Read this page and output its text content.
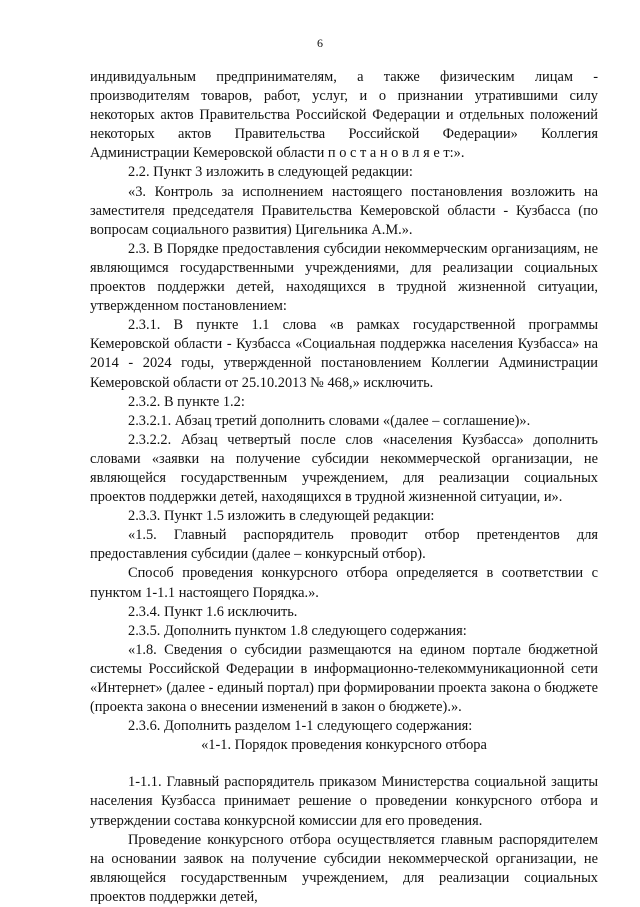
6

индивидуальным предпринимателям, а также физическим лицам - производителям товаров, работ, услуг, и о признании утратившими силу некоторых актов Правительства Российской Федерации и отдельных положений некоторых актов Правительства Российской Федерации» Коллегия Администрации Кемеровской области п о с т а н о в л я е т:».

2.2. Пункт 3 изложить в следующей редакции:

«3. Контроль за исполнением настоящего постановления возложить на заместителя председателя Правительства Кемеровской области - Кузбасса (по вопросам социального развития) Цигельника А.М.».

2.3. В Порядке предоставления субсидии некоммерческим организациям, не являющимся государственными учреждениями, для реализации социальных проектов поддержки детей, находящихся в трудной жизненной ситуации, утвержденном постановлением:

2.3.1. В пункте 1.1 слова «в рамках государственной программы Кемеровской области - Кузбасса «Социальная поддержка населения Кузбасса» на 2014 - 2024 годы, утвержденной постановлением Коллегии Администрации Кемеровской области от 25.10.2013 № 468,» исключить.

2.3.2. В пункте 1.2:

2.3.2.1. Абзац третий дополнить словами «(далее – соглашение)».

2.3.2.2. Абзац четвертый после слов «населения Кузбасса» дополнить словами «заявки на получение субсидии некоммерческой организации, не являющейся государственным учреждением, для реализации социальных проектов поддержки детей, находящихся в трудной жизненной ситуации, и».

2.3.3. Пункт 1.5 изложить в следующей редакции:

«1.5. Главный распорядитель проводит отбор претендентов для предоставления субсидии (далее – конкурсный отбор).

Способ проведения конкурсного отбора определяется в соответствии с пунктом 1-1.1 настоящего Порядка.».

2.3.4. Пункт 1.6 исключить.

2.3.5. Дополнить пунктом 1.8 следующего содержания:

«1.8. Сведения о субсидии размещаются на едином портале бюджетной системы Российской Федерации в информационно-телекоммуникационной сети «Интернет» (далее - единый портал) при формировании проекта закона о бюджете (проекта закона о внесении изменений в закон о бюджете).».

2.3.6. Дополнить разделом 1-1 следующего содержания:

«1-1. Порядок проведения конкурсного отбора

1-1.1. Главный распорядитель приказом Министерства социальной защиты населения Кузбасса принимает решение о проведении конкурсного отбора и утверждении состава конкурсной комиссии для его проведения.

Проведение конкурсного отбора осуществляется главным распорядителем на основании заявок на получение субсидии некоммерческой организации, не являющейся государственным учреждением, для реализации социальных проектов поддержки детей,
